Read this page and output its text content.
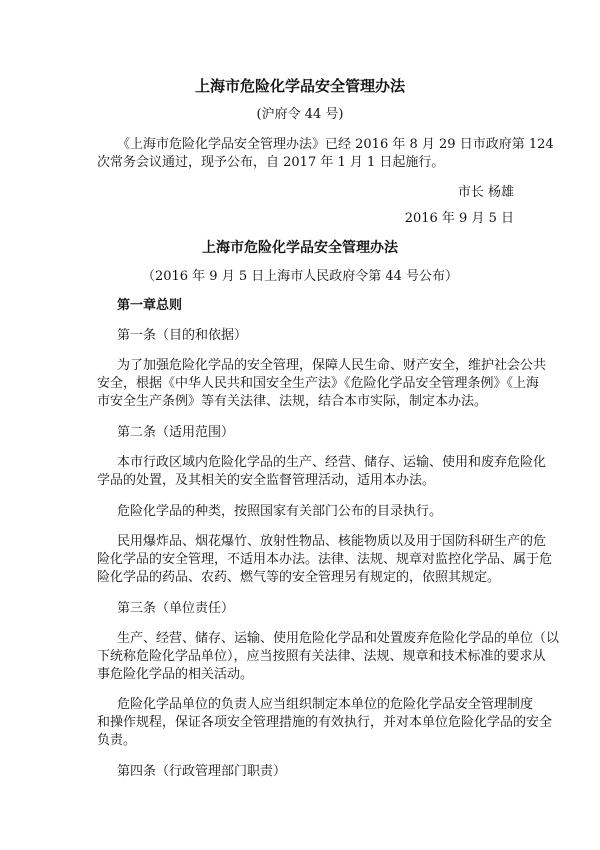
上海市危险化学品安全管理办法
(沪府令 44 号)
《上海市危险化学品安全管理办法》已经 2016 年 8 月 29 日市政府第 124
次常务会议通过，现予公布，自 2017 年 1 月 1 日起施行。
市长 杨雄
2016 年 9 月 5 日
上海市危险化学品安全管理办法
（2016 年 9 月 5 日上海市人民政府令第 44 号公布）
第一章总则
第一条（目的和依据）
为了加强危险化学品的安全管理，保障人民生命、财产安全，维护社会公共
安全，根据《中华人民共和国安全生产法》《危险化学品安全管理条例》《上海
市安全生产条例》等有关法律、法规，结合本市实际，制定本办法。
第二条（适用范围）
本市行政区域内危险化学品的生产、经营、储存、运输、使用和废弃危险化
学品的处置，及其相关的安全监督管理活动，适用本办法。
危险化学品的种类，按照国家有关部门公布的目录执行。
民用爆炸品、烟花爆竹、放射性物品、核能物质以及用于国防科研生产的危
险化学品的安全管理，不适用本办法。法律、法规、规章对监控化学品、属于危
险化学品的药品、农药、燃气等的安全管理另有规定的，依照其规定。
第三条（单位责任）
生产、经营、储存、运输、使用危险化学品和处置废弃危险化学品的单位（以
下统称危险化学品单位），应当按照有关法律、法规、规章和技术标准的要求从
事危险化学品的相关活动。
危险化学品单位的负责人应当组织制定本单位的危险化学品安全管理制度
和操作规程，保证各项安全管理措施的有效执行，并对本单位危险化学品的安全
负责。
第四条（行政管理部门职责）
